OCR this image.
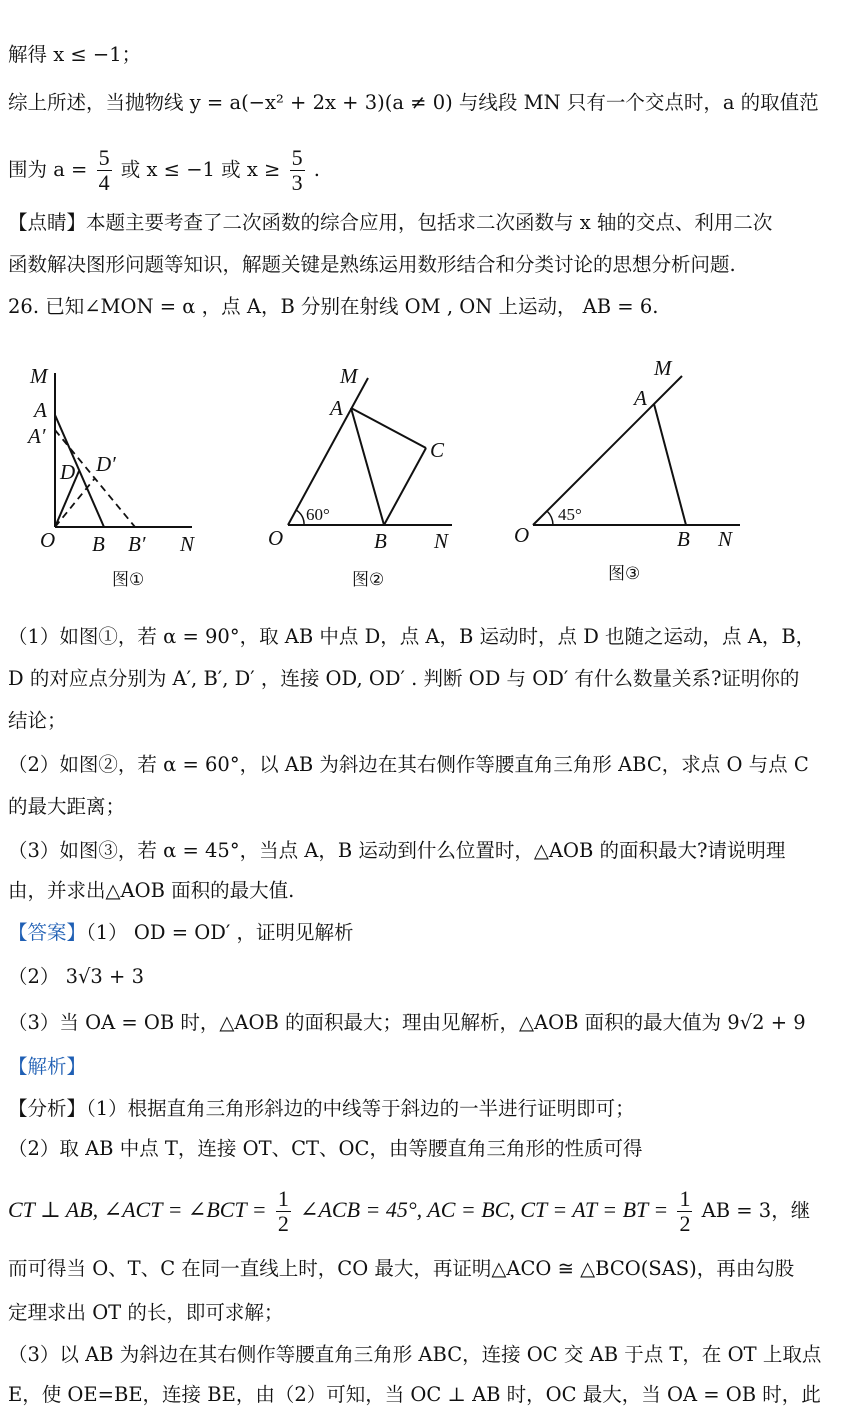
解得 x ≤ −1；
综上所述，当抛物线 y = a(−x² + 2x + 3)(a ≠ 0) 与线段 MN 只有一个交点时，a 的取值范
围为 $a = \frac{5}{4}$ 或 x ≤ −1 或 $x \ge \frac{5}{3}$ .
【点睛】本题主要考查了二次函数的综合应用，包括求二次函数与 x 轴的交点、利用二次
函数解决图形问题等知识，解题关键是熟练运用数形结合和分类讨论的思想分析问题.
26. 已知∠MON = α ，点 A，B 分别在射线 OM , ON 上运动， AB = 6.
M
A
A′
D D′
O B B′ N
图①
M
A
C
60°
O	B N
图②
M
A
45°
O	B N
图③
（1）如图①，若 α = 90°，取 AB 中点 D，点 A，B 运动时，点 D 也随之运动，点 A，B，
D 的对应点分别为 A′, B′, D′ ，连接 OD, OD′ . 判断 OD 与 OD′ 有什么数量关系?证明你的
结论；
（2）如图②，若 α = 60°，以 AB 为斜边在其右侧作等腰直角三角形 ABC，求点 O 与点 C
的最大距离；
（3）如图③，若 α = 45°，当点 A，B 运动到什么位置时，△AOB 的面积最大?请说明理
由，并求出△AOB 面积的最大值.
【答案】（1） OD = OD′ ，证明见解析
（2） 3√3 + 3
（3）当 OA = OB 时，△AOB 的面积最大；理由见解析，△AOB 面积的最大值为 9√2 + 9
【解析】
【分析】（1）根据直角三角形斜边的中线等于斜边的一半进行证明即可；
（2）取 AB 中点 T，连接 OT、CT、OC，由等腰直角三角形的性质可得
CT ⊥ AB, ∠ACT = ∠BCT = $\frac{1}{2}$ ∠ACB = 45°, AC = BC, CT = AT = BT = $\frac{1}{2}$ AB = 3，继
而可得当 O、T、C 在同一直线上时，CO 最大，再证明△ACO ≅ △BCO(SAS)，再由勾股
定理求出 OT 的长，即可求解；
（3）以 AB 为斜边在其右侧作等腰直角三角形 ABC，连接 OC 交 AB 于点 T，在 OT 上取点
E，使 OE=BE，连接 BE，由（2）可知，当 OC ⊥ AB 时，OC 最大，当 OA = OB 时，此
